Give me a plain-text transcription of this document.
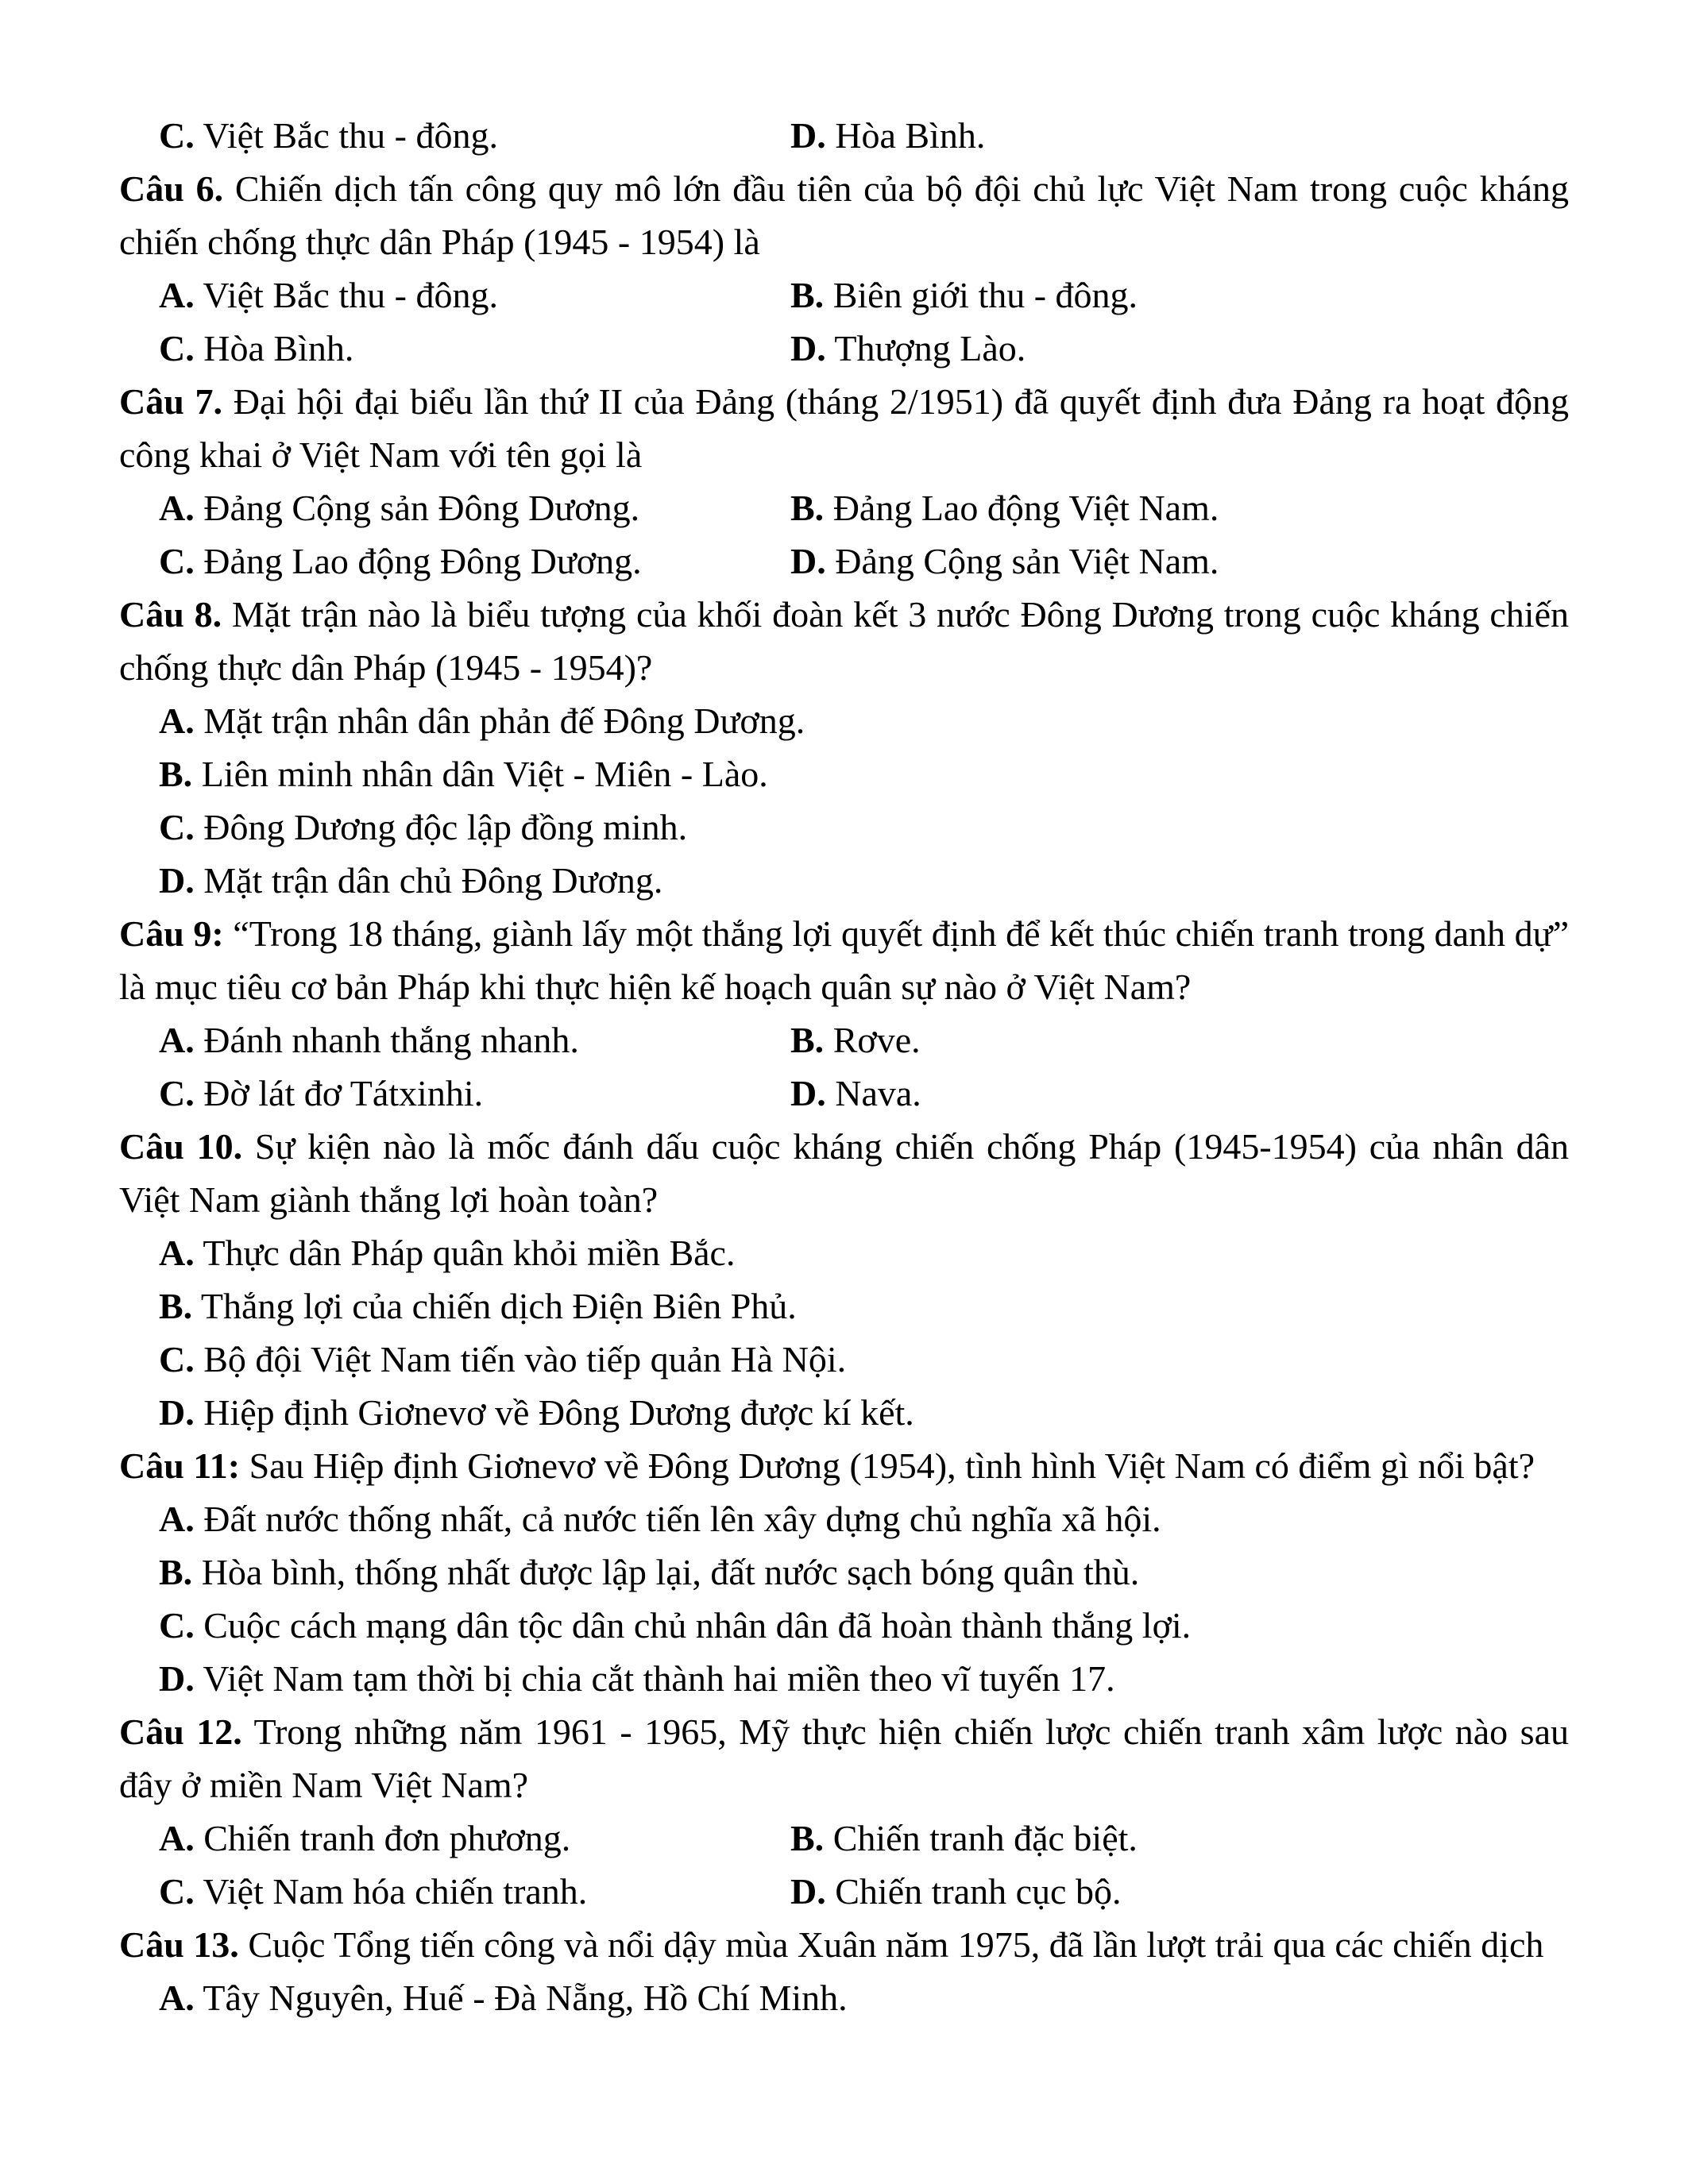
C. Việt Bắc thu - đông.	D. Hòa Bình.

Câu 6. Chiến dịch tấn công quy mô lớn đầu tiên của bộ đội chủ lực Việt Nam trong cuộc kháng chiến chống thực dân Pháp (1945 - 1954) là

A. Việt Bắc thu - đông.	B. Biên giới thu - đông.
C. Hòa Bình.	D. Thượng Lào.

Câu 7. Đại hội đại biểu lần thứ II của Đảng (tháng 2/1951) đã quyết định đưa Đảng ra hoạt động công khai ở Việt Nam với tên gọi là

A. Đảng Cộng sản Đông Dương.	B. Đảng Lao động Việt Nam.
C. Đảng Lao động Đông Dương.	D. Đảng Cộng sản Việt Nam.

Câu 8. Mặt trận nào là biểu tượng của khối đoàn kết 3 nước Đông Dương trong cuộc kháng chiến chống thực dân Pháp (1945 - 1954)?

A. Mặt trận nhân dân phản đế Đông Dương.
B. Liên minh nhân dân Việt - Miên - Lào.
C. Đông Dương độc lập đồng minh.
D. Mặt trận dân chủ Đông Dương.

Câu 9: “Trong 18 tháng, giành lấy một thắng lợi quyết định để kết thúc chiến tranh trong danh dự” là mục tiêu cơ bản Pháp khi thực hiện kế hoạch quân sự nào ở Việt Nam?

A. Đánh nhanh thắng nhanh.	B. Rơve.
C. Đờ lát đơ Tátxinhi.	D. Nava.

Câu 10. Sự kiện nào là mốc đánh dấu cuộc kháng chiến chống Pháp (1945-1954) của nhân dân Việt Nam giành thắng lợi hoàn toàn?

A. Thực dân Pháp quân khỏi miền Bắc.
B. Thắng lợi của chiến dịch Điện Biên Phủ.
C. Bộ đội Việt Nam tiến vào tiếp quản Hà Nội.
D. Hiệp định Giơnevơ về Đông Dương được kí kết.

Câu 11: Sau Hiệp định Giơnevơ về Đông Dương (1954), tình hình Việt Nam có điểm gì nổi bật?

A. Đất nước thống nhất, cả nước tiến lên xây dựng chủ nghĩa xã hội.
B. Hòa bình, thống nhất được lập lại, đất nước sạch bóng quân thù.
C. Cuộc cách mạng dân tộc dân chủ nhân dân đã hoàn thành thắng lợi.
D. Việt Nam tạm thời bị chia cắt thành hai miền theo vĩ tuyến 17.

Câu 12. Trong những năm 1961 - 1965, Mỹ thực hiện chiến lược chiến tranh xâm lược nào sau đây ở miền Nam Việt Nam?

A. Chiến tranh đơn phương.	B. Chiến tranh đặc biệt.
C. Việt Nam hóa chiến tranh.	D. Chiến tranh cục bộ.

Câu 13. Cuộc Tổng tiến công và nổi dậy mùa Xuân năm 1975, đã lần lượt trải qua các chiến dịch

A. Tây Nguyên, Huế - Đà Nẵng, Hồ Chí Minh.
